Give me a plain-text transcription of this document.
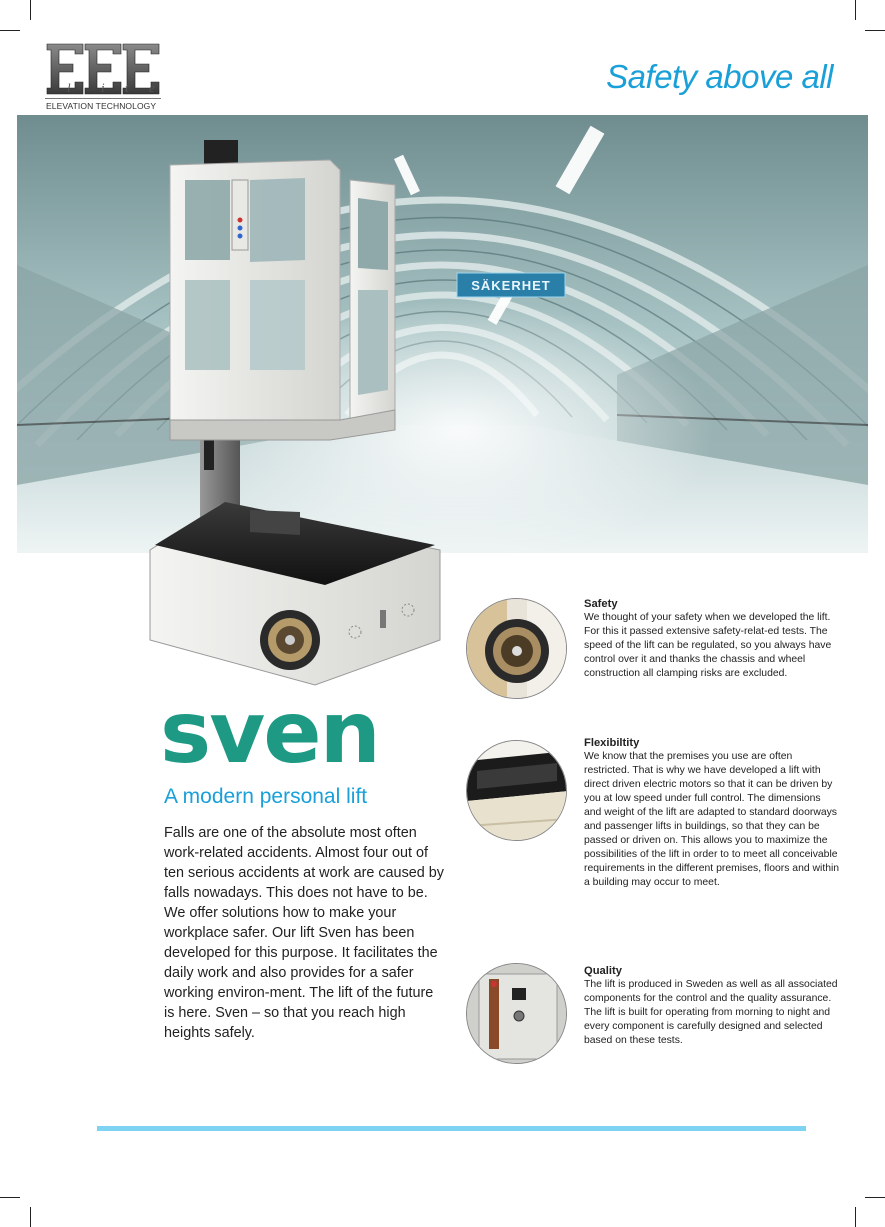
l i t e
ELEVATION TECHNOLOGY
Safety above all
SÄKERHET
sven
A modern personal lift
Falls are one of the absolute most often work-related accidents. Almost four out of ten serious accidents at work are caused by falls nowadays. This does not have to be. We offer solutions how to make your workplace safer. Our lift Sven has been developed for this purpose. It facilitates the daily work and also provides for a safer working environ-ment. The lift of the future is here. Sven – so that you reach high heights safely.
Safety

We thought of your safety when we developed the lift. For this it passed extensive safety-relat-ed tests. The speed of the lift can be regulated, so you always have control over it and thanks the chassis and wheel construction all clamping risks are excluded.

Flexibiltity

We know that the premises you use are often restricted. That is why we have developed a lift with direct driven electric motors so that it can be driven by you at low speed under full control. The dimensions and weight of the lift are adapted to standard doorways and passenger lifts in buildings, so that they can be passed or driven on. This allows you to maximize the possibilities of the lift in order to to meet all conceivable requirements in the different premises, floors and within a building may occur to meet.

Quality

The lift is produced in Sweden as well as all associated components for the control and the quality assurance. The lift is built for operating from morning to night and every component is carefully designed and selected based on these tests.
